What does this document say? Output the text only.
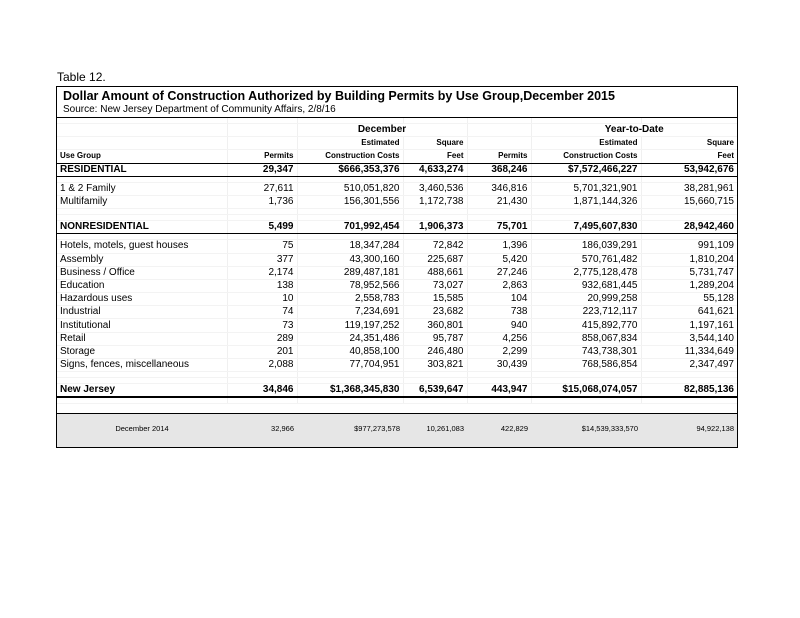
Table 12.
Dollar Amount of Construction Authorized by Building Permits by Use Group,December 2015
Source: New Jersey Department of Community Affairs, 2/8/16

		December			Year-to-Date	
		Estimated	Square		Estimated	Square
Use Group	Permits	Construction Costs	Feet	Permits	Construction Costs	Feet
RESIDENTIAL	29,347	$666,353,376	4,633,274	368,246	$7,572,466,227	53,942,676

1 & 2 Family	27,611	510,051,820	3,460,536	346,816	5,701,321,901	38,281,961
Multifamily	1,736	156,301,556	1,172,738	21,430	1,871,144,326	15,660,715

NONRESIDENTIAL	5,499	701,992,454	1,906,373	75,701	7,495,607,830	28,942,460

Hotels, motels, guest houses	75	18,347,284	72,842	1,396	186,039,291	991,109
Assembly	377	43,300,160	225,687	5,420	570,761,482	1,810,204
Business / Office	2,174	289,487,181	488,661	27,246	2,775,128,478	5,731,747
Education	138	78,952,566	73,027	2,863	932,681,445	1,289,204
Hazardous uses	10	2,558,783	15,585	104	20,999,258	55,128
Industrial	74	7,234,691	23,682	738	223,712,117	641,621
Institutional	73	119,197,252	360,801	940	415,892,770	1,197,161
Retail	289	24,351,486	95,787	4,256	858,067,834	3,544,140
Storage	201	40,858,100	246,480	2,299	743,738,301	11,334,649
Signs, fences, miscellaneous	2,088	77,704,951	303,821	30,439	768,586,854	2,347,497

New Jersey	34,846	$1,368,345,830	6,539,647	443,947	$15,068,074,057	82,885,136

December 2014	32,966	$977,273,578	10,261,083	422,829	$14,539,333,570	94,922,138
